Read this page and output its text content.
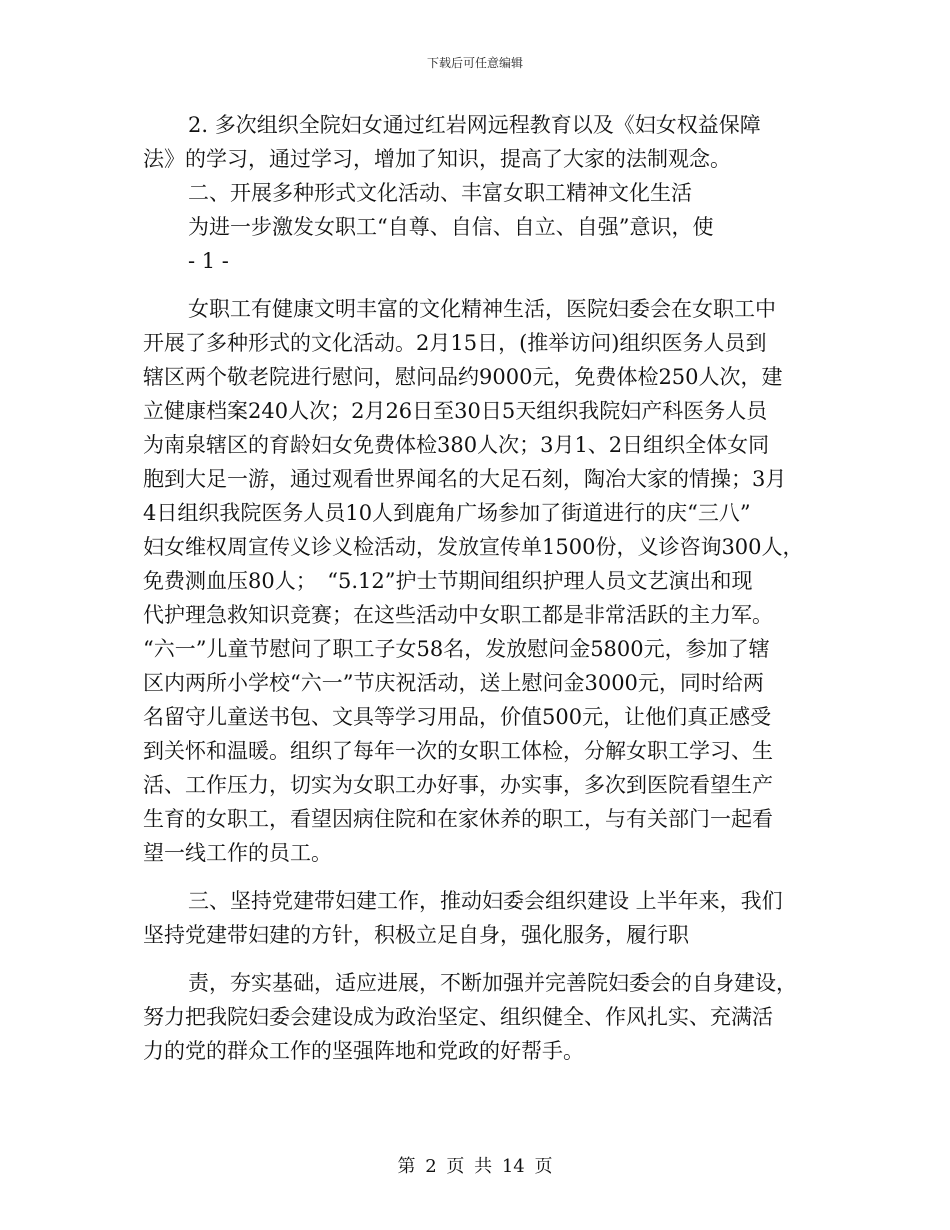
下载后可任意编辑
2. 多次组织全院妇女通过红岩网远程教育以及《妇女权益保障
法》的学习，通过学习，增加了知识，提高了大家的法制观念。
二、开展多种形式文化活动、丰富女职工精神文化生活
为进一步激发女职工“自尊、自信、自立、自强”意识，使
- 1 -
女职工有健康文明丰富的文化精神生活，医院妇委会在女职工中
开展了多种形式的文化活动。2月15日，(推举访问)组织医务人员到
辖区两个敬老院进行慰问，慰问品约9000元，免费体检250人次，建
立健康档案240人次；2月26日至30日5天组织我院妇产科医务人员
为南泉辖区的育龄妇女免费体检380人次；3月1、2日组织全体女同
胞到大足一游，通过观看世界闻名的大足石刻，陶冶大家的情操；3月
4日组织我院医务人员10人到鹿角广场参加了街道进行的庆“三八”
妇女维权周宣传义诊义检活动，发放宣传单1500份，义诊咨询300人，
免费测血压80人；　“5.12”护士节期间组织护理人员文艺演出和现
代护理急救知识竞赛；在这些活动中女职工都是非常活跃的主力军。
“六一”儿童节慰问了职工子女58名，发放慰问金5800元，参加了辖
区内两所小学校“六一”节庆祝活动，送上慰问金3000元，同时给两
名留守儿童送书包、文具等学习用品，价值500元，让他们真正感受
到关怀和温暖。组织了每年一次的女职工体检，分解女职工学习、生
活、工作压力，切实为女职工办好事，办实事，多次到医院看望生产
生育的女职工，看望因病住院和在家休养的职工，与有关部门一起看
望一线工作的员工。
三、坚持党建带妇建工作，推动妇委会组织建设 上半年来，我们
坚持党建带妇建的方针，积极立足自身，强化服务，履行职
责，夯实基础，适应进展，不断加强并完善院妇委会的自身建设，
努力把我院妇委会建设成为政治坚定、组织健全、作风扎实、充满活
力的党的群众工作的坚强阵地和党政的好帮手。
第 2 页 共 14 页
